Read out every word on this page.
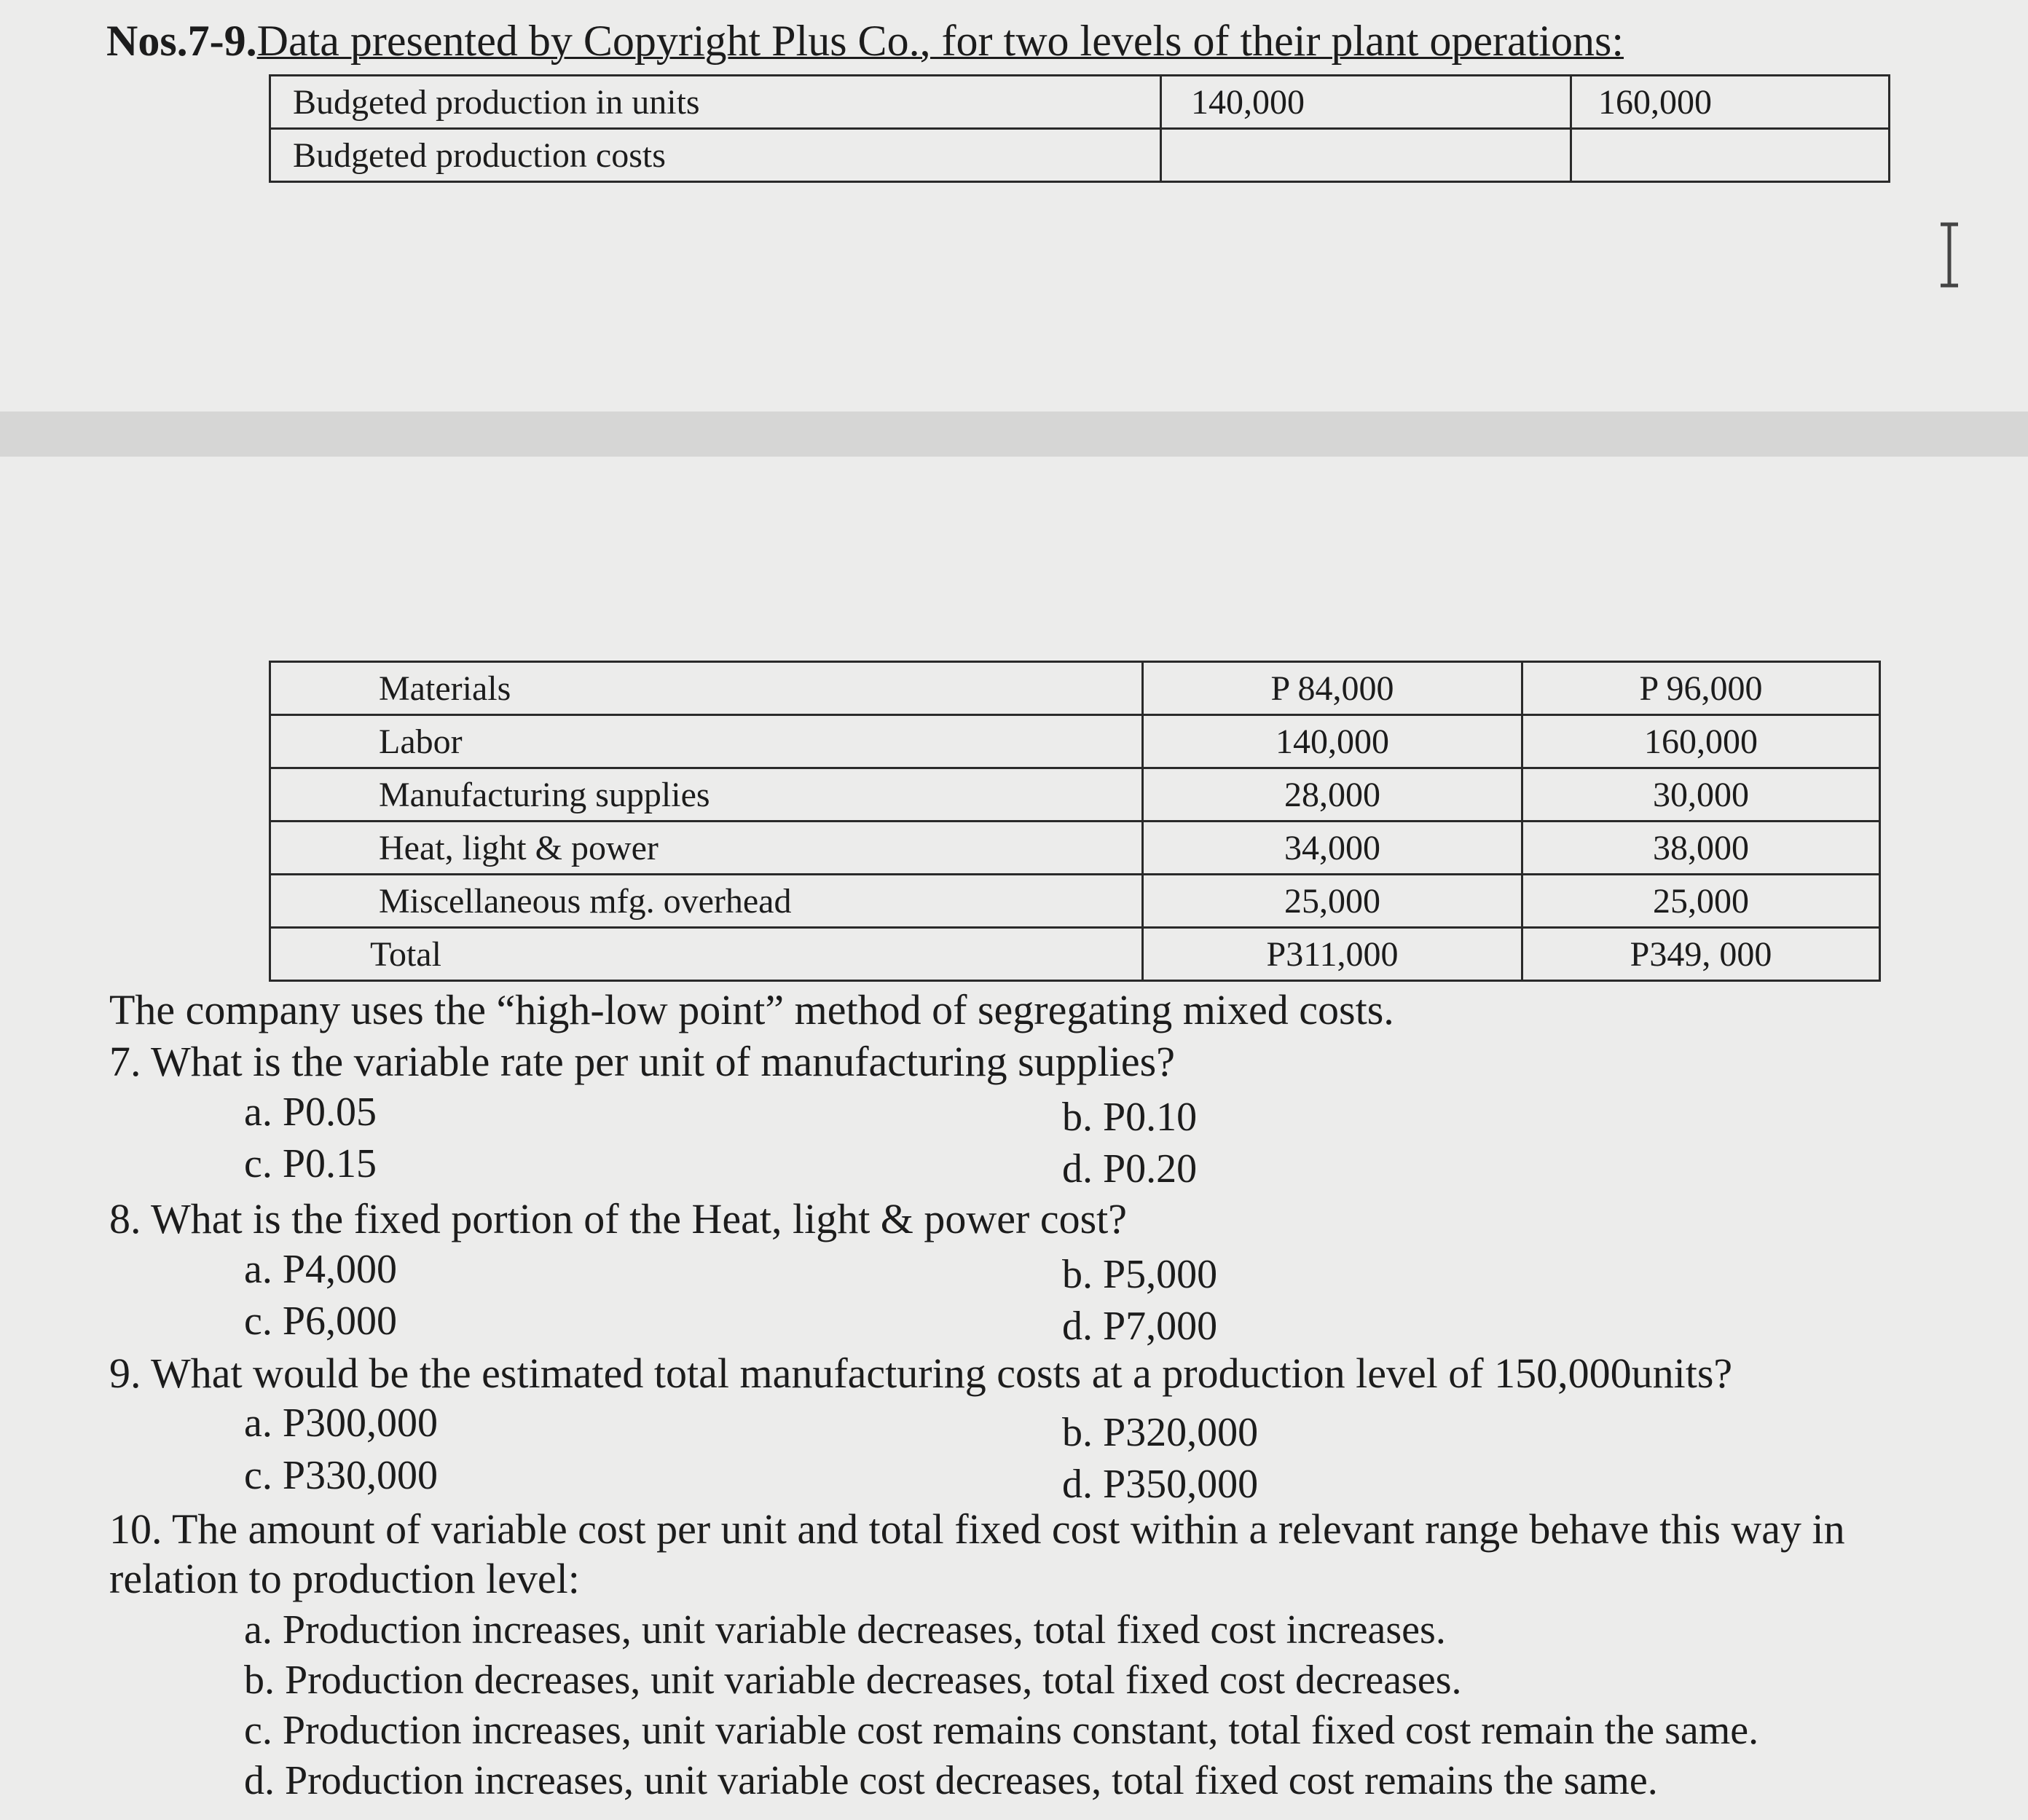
Nos.7-9.Data presented by Copyright Plus Co., for two levels of their plant operations:
Budgeted production in units	140,000	160,000
Budgeted production costs		
Materials	P 84,000	P 96,000
Labor	140,000	160,000
Manufacturing supplies	28,000	30,000
Heat, light & power	34,000	38,000
Miscellaneous mfg. overhead	25,000	25,000
Total	P311,000	P349, 000
The company uses the “high-low point” method of segregating mixed costs.
7. What is the variable rate per unit of manufacturing supplies?
a. P0.05	b. P0.10
c. P0.15	d. P0.20
8. What is the fixed portion of the Heat, light & power cost?
a. P4,000	b. P5,000
c. P6,000	d. P7,000
9. What would be the estimated total manufacturing costs at a production level of 150,000units?
a. P300,000	b. P320,000
c. P330,000	d. P350,000
10. The amount of variable cost per unit and total fixed cost within a relevant range behave this way in
relation to production level:
a. Production increases, unit variable decreases, total fixed cost increases.
b. Production decreases, unit variable decreases, total fixed cost decreases.
c. Production increases, unit variable cost remains constant, total fixed cost remain the same.
d. Production increases, unit variable cost decreases, total fixed cost remains the same.
